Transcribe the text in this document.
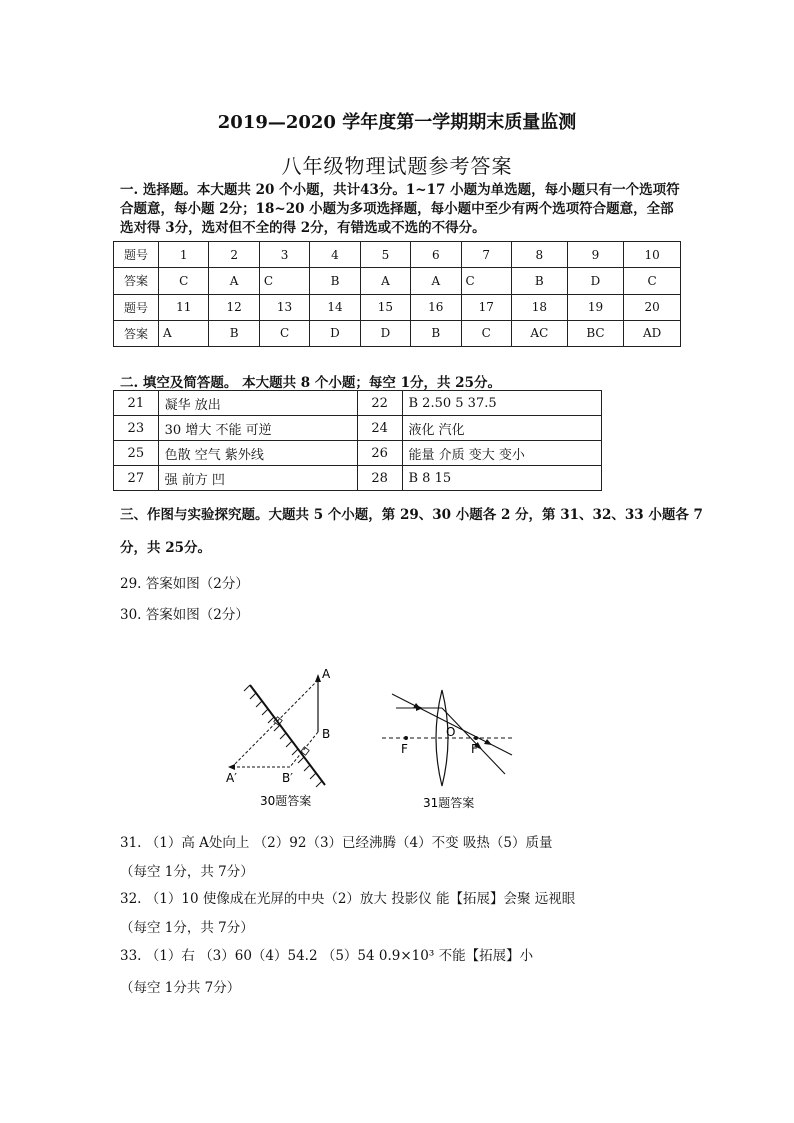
2019—2020 学年度第一学期期末质量监测
八年级物理试题参考答案
一. 选择题。本大题共 20 个小题，共计43分。1~17 小题为单选题，每小题只有一个选项符合题意，每小题 2分；18~20 小题为多项选择题，每小题中至少有两个选项符合题意，全部选对得 3分，选对但不全的得 2分，有错选或不选的不得分。
题号	1	2	3	4	5	6	7	8	9	10
答案	C	A	C	B	A	A	C	B	D	C
题号	11	12	13	14	15	16	17	18	19	20
答案	A	B	C	D	D	B	C	AC	BC	AD
二. 填空及简答题。 本大题共 8 个小题；每空 1分，共 25分。
21	凝华 放出	22	B 2.50 5 37.5
23	30 增大 不能 可逆	24	液化 汽化
25	色散 空气 紫外线	26	能量 介质 变大 变小
27	强 前方 凹	28	B 8 15
三、作图与实验探究题。大题共 5 个小题，第 29、30 小题各 2 分，第 31、32、33 小题各 7
分，共 25分。
29. 答案如图（2分）
30. 答案如图（2分）
A
B
A′	B′
30题答案
O
F	F
31题答案
31. （1）高 A处向上 （2）92（3）已经沸腾（4）不变 吸热（5）质量
（每空 1分，共 7分）
32. （1）10 使像成在光屏的中央（2）放大 投影仪 能【拓展】会聚 远视眼
（每空 1分，共 7分）
33. （1）右 （3）60（4）54.2 （5）54 0.9×10³ 不能【拓展】小
（每空 1分共 7分）
